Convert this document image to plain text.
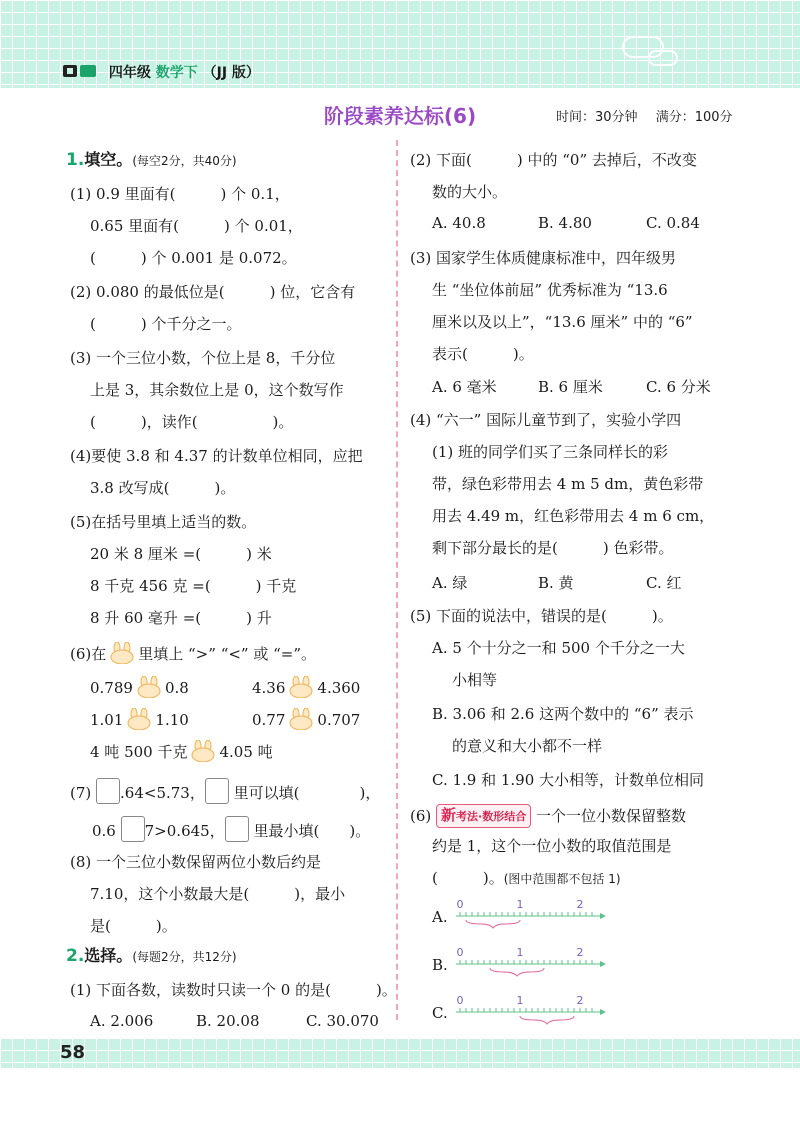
四年级 数学下 （JJ 版）
阶段素养达标(6)	时间：30分钟 满分：100分
1.填空。(每空2分，共40分)
(1) 0.9 里面有(　　　) 个 0.1，
0.65 里面有(　　　) 个 0.01，
(　　　) 个 0.001 是 0.072。
(2) 0.080 的最低位是(　　　) 位，它含有
(　　　) 个千分之一。
(3) 一个三位小数，个位上是 8，千分位
上是 3，其余数位上是 0，这个数写作
(　　　)，读作(　　　　　)。
(4)要使 3.8 和 4.37 的计数单位相同，应把
3.8 改写成(　　　)。
(5)在括号里填上适当的数。
20 米 8 厘米 =(　　　) 米
8 千克 456 克 =(　　　) 千克
8 升 60 毫升 =(　　　) 升
(6)在 里填上 “>” “<” 或 “=”。
0.789 0.8	4.36 4.360
1.01 1.10	0.77 0.707
4 吨 500 千克 4.05 吨
(7) .64<5.73， 里可以填(　　　　)，
0.6 7>0.645， 里最小填(　　)。
(8) 一个三位小数保留两位小数后约是
7.10，这个小数最大是(　　　)，最小
是(　　　)。
2.选择。(每题2分，共12分)
(1) 下面各数，读数时只读一个 0 的是(　　　)。
A. 2.006	B. 20.08	C. 30.070
(2) 下面(　　　) 中的 “0” 去掉后，不改变
数的大小。
A. 40.8	B. 4.80	C. 0.84
(3) 国家学生体质健康标准中，四年级男
生 “坐位体前屈” 优秀标准为 “13.6
厘米以及以上”，“13.6 厘米” 中的 “6”
表示(　　　)。
A. 6 毫米	B. 6 厘米	C. 6 分米
(4) “六一” 国际儿童节到了，实验小学四
(1) 班的同学们买了三条同样长的彩
带，绿色彩带用去 4 m 5 dm，黄色彩带
用去 4.49 m，红色彩带用去 4 m 6 cm，
剩下部分最长的是(　　　) 色彩带。
A. 绿	B. 黄	C. 红
(5) 下面的说法中，错误的是(　　　)。
A. 5 个十分之一和 500 个千分之一大
小相等
B. 3.06 和 2.6 这两个数中的 “6” 表示
的意义和大小都不一样
C. 1.9 和 1.90 大小相等，计数单位相同
(6) 新考法·数形结合 一个一位小数保留整数
约是 1，这个一位小数的取值范围是
(　　　)。(图中范围都不包括 1)
A.
0	1	2
B.
0	1	2
C.
0	1	2
58
